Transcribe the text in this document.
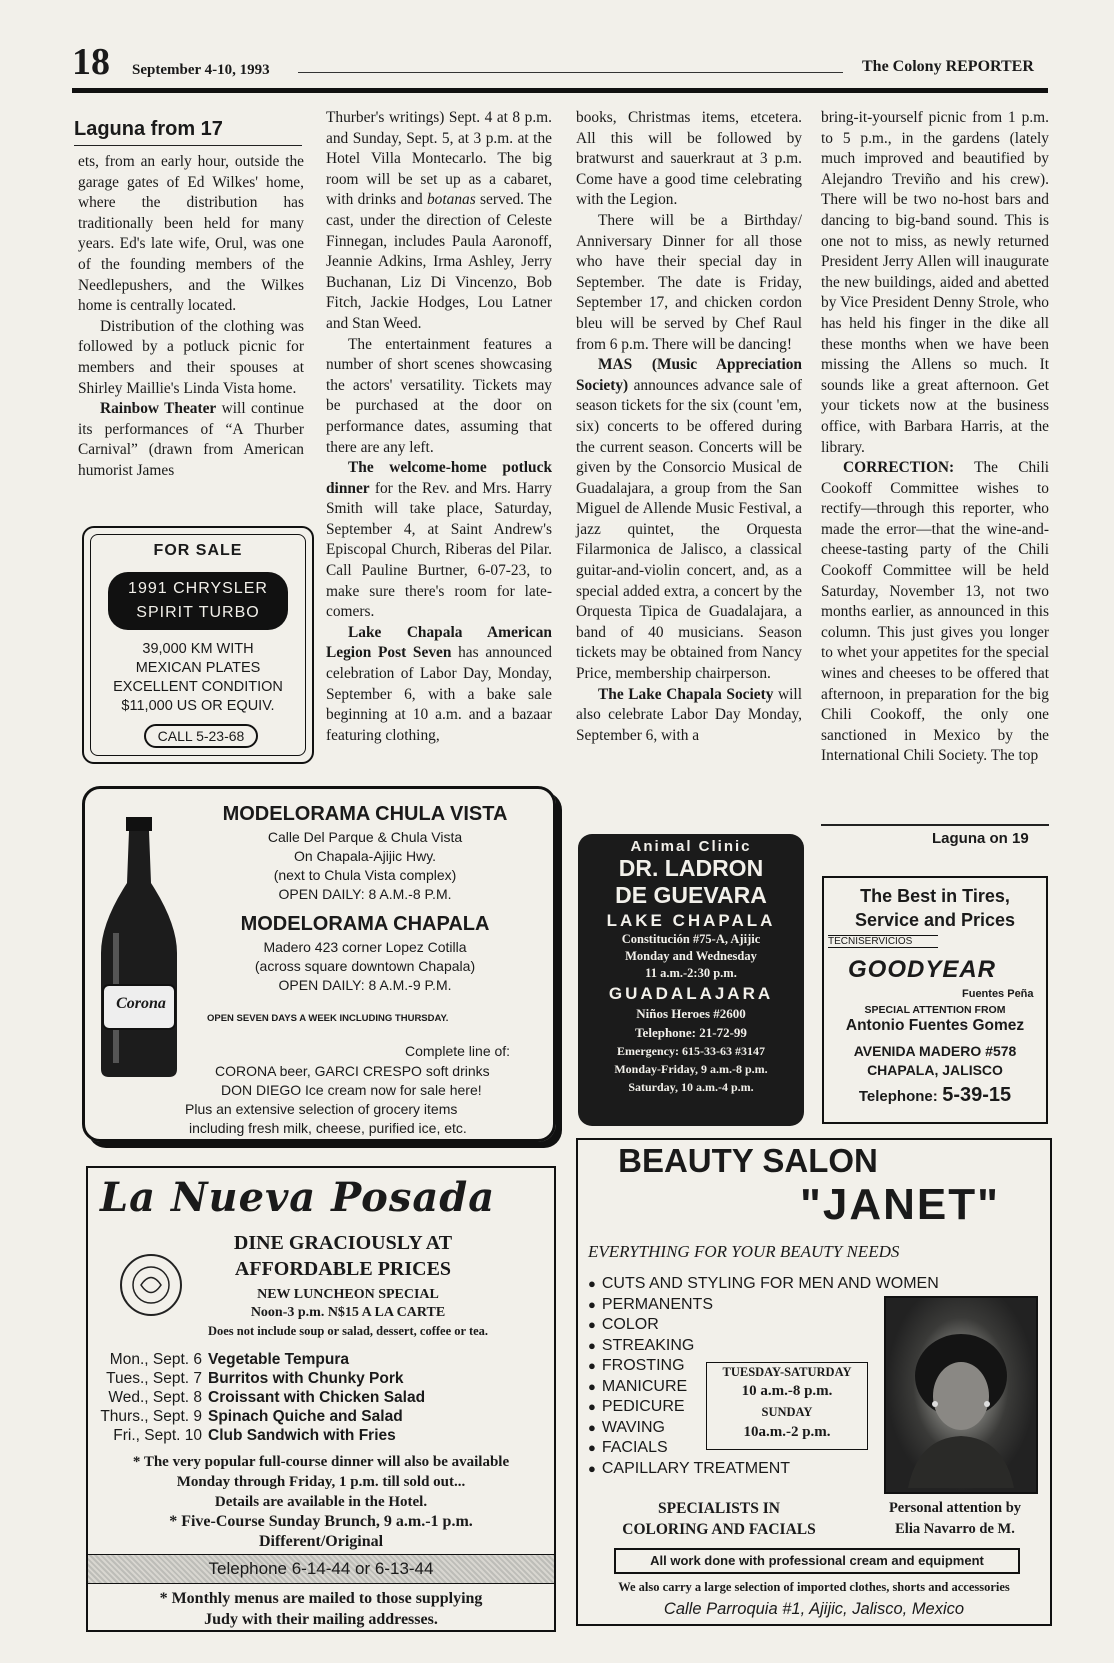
18 September 4-10, 1993	The Colony REPORTER
Laguna from 17

ets, from an early hour, outside the garage gates of Ed Wilkes' home, where the distribution has traditionally been held for many years. Ed's late wife, Orul, was one of the founding members of the Needlepushers, and the Wilkes home is centrally located.

Distribution of the clothing was followed by a potluck picnic for members and their spouses at Shirley Maillie's Linda Vista home.

Rainbow Theater will continue its performances of “A Thurber Carnival” (drawn from American humorist James

Thurber's writings) Sept. 4 at 8 p.m. and Sunday, Sept. 5, at 3 p.m. at the Hotel Villa Montecarlo. The big room will be set up as a cabaret, with drinks and botanas served. The cast, under the direction of Celeste Finnegan, includes Paula Aaronoff, Jeannie Adkins, Irma Ashley, Jerry Buchanan, Liz Di Vincenzo, Bob Fitch, Jackie Hodges, Lou Latner and Stan Weed.

The entertainment features a number of short scenes showcasing the actors' versatility. Tickets may be purchased at the door on performance dates, assuming that there are any left.

The welcome-home potluck dinner for the Rev. and Mrs. Harry Smith will take place, Saturday, September 4, at Saint Andrew's Episcopal Church, Riberas del Pilar. Call Pauline Burtner, 6-07-23, to make sure there's room for late-comers.

Lake Chapala American Legion Post Seven has announced celebration of Labor Day, Monday, September 6, with a bake sale beginning at 10 a.m. and a bazaar featuring clothing,

books, Christmas items, etcetera. All this will be followed by bratwurst and sauerkraut at 3 p.m. Come have a good time celebrating with the Legion.

There will be a Birthday/ Anniversary Dinner for all those who have their special day in September. The date is Friday, September 17, and chicken cordon bleu will be served by Chef Raul from 6 p.m. There will be dancing!

MAS (Music Appreciation Society) announces advance sale of season tickets for the six (count 'em, six) concerts to be offered during the current season. Concerts will be given by the Consorcio Musical de Guadalajara, a group from the San Miguel de Allende Music Festival, a jazz quintet, the Orquesta Filarmonica de Jalisco, a classical guitar-and-violin concert, and, as a special added extra, a concert by the Orquesta Tipica de Guadalajara, a band of 40 musicians. Season tickets may be obtained from Nancy Price, membership chairperson.

The Lake Chapala Society will also celebrate Labor Day Monday, September 6, with a

bring-it-yourself picnic from 1 p.m. to 5 p.m., in the gardens (lately much improved and beautified by Alejandro Treviño and his crew). There will be two no-host bars and dancing to big-band sound. This is one not to miss, as newly returned President Jerry Allen will inaugurate the new buildings, aided and abetted by Vice President Denny Strole, who has held his finger in the dike all these months when we have been missing the Allens so much. It sounds like a great afternoon. Get your tickets now at the business office, with Barbara Harris, at the library.

CORRECTION: The Chili Cookoff Committee wishes to rectify—through this reporter, who made the error—that the wine-and-cheese-tasting party of the Chili Cookoff Committee will be held Saturday, November 13, not two months earlier, as announced in this column. This just gives you longer to whet your appetites for the special wines and cheeses to be offered that afternoon, in preparation for the big Chili Cookoff, the only one sanctioned in Mexico by the International Chili Society. The top

Laguna on 19
FOR SALE
1991 CHRYSLER SPIRIT TURBO
39,000 KM WITH
MEXICAN PLATES
EXCELLENT CONDITION
$11,000 US OR EQUIV.
CALL 5-23-68
Corona
MODELORAMA CHULA VISTA
Calle Del Parque & Chula Vista
On Chapala-Ajijic Hwy.
(next to Chula Vista complex)
OPEN DAILY: 8 A.M.-8 P.M.
MODELORAMA CHAPALA
Madero 423 corner Lopez Cotilla
(across square downtown Chapala)
OPEN DAILY: 8 A.M.-9 P.M.
OPEN SEVEN DAYS A WEEK INCLUDING THURSDAY.
Complete line of:
CORONA beer, GARCI CRESPO soft drinks
DON DIEGO Ice cream now for sale here!
Plus an extensive selection of grocery items
including fresh milk, cheese, purified ice, etc.
Animal Clinic
DR. LADRON
DE GUEVARA
LAKE CHAPALA
Constitución #75-A, Ajijic
Monday and Wednesday
11 a.m.-2:30 p.m.
GUADALAJARA
Niños Heroes #2600
Telephone: 21-72-99
Emergency: 615-33-63 #3147
Monday-Friday, 9 a.m.-8 p.m.
Saturday, 10 a.m.-4 p.m.
The Best in Tires,
Service and Prices
TECNISERVICIOS
GOODYEAR
Fuentes Peña
SPECIAL ATTENTION FROM
Antonio Fuentes Gomez
AVENIDA MADERO #578
CHAPALA, JALISCO
Telephone: 5-39-15
La Nueva Posada
DINE GRACIOUSLY AT
AFFORDABLE PRICES
NEW LUNCHEON SPECIAL
Noon-3 p.m. N$15 A LA CARTE
Does not include soup or salad, dessert, coffee or tea.
Mon., Sept. 6 Vegetable Tempura
Tues., Sept. 7 Burritos with Chunky Pork
Wed., Sept. 8 Croissant with Chicken Salad
Thurs., Sept. 9 Spinach Quiche and Salad
Fri., Sept. 10 Club Sandwich with Fries
* The very popular full-course dinner will also be available
Monday through Friday, 1 p.m. till sold out...
Details are available in the Hotel.
* Five-Course Sunday Brunch, 9 a.m.-1 p.m.
Different/Original
Telephone 6-14-44 or 6-13-44
* Monthly menus are mailed to those supplying
Judy with their mailing addresses.
BEAUTY SALON
"JANET"
EVERYTHING FOR YOUR BEAUTY NEEDS
● CUTS AND STYLING FOR MEN AND WOMEN
● PERMANENTS
● COLOR
● STREAKING
● FROSTING
● MANICURE
● PEDICURE
● WAVING
● FACIALS
● CAPILLARY TREATMENT
TUESDAY-SATURDAY
10 a.m.-8 p.m.
SUNDAY
10a.m.-2 p.m.
SPECIALISTS IN
COLORING AND FACIALS
Personal attention by
Elia Navarro de M.
All work done with professional cream and equipment
We also carry a large selection of imported clothes, shorts and accessories
Calle Parroquia #1, Ajijic, Jalisco, Mexico
